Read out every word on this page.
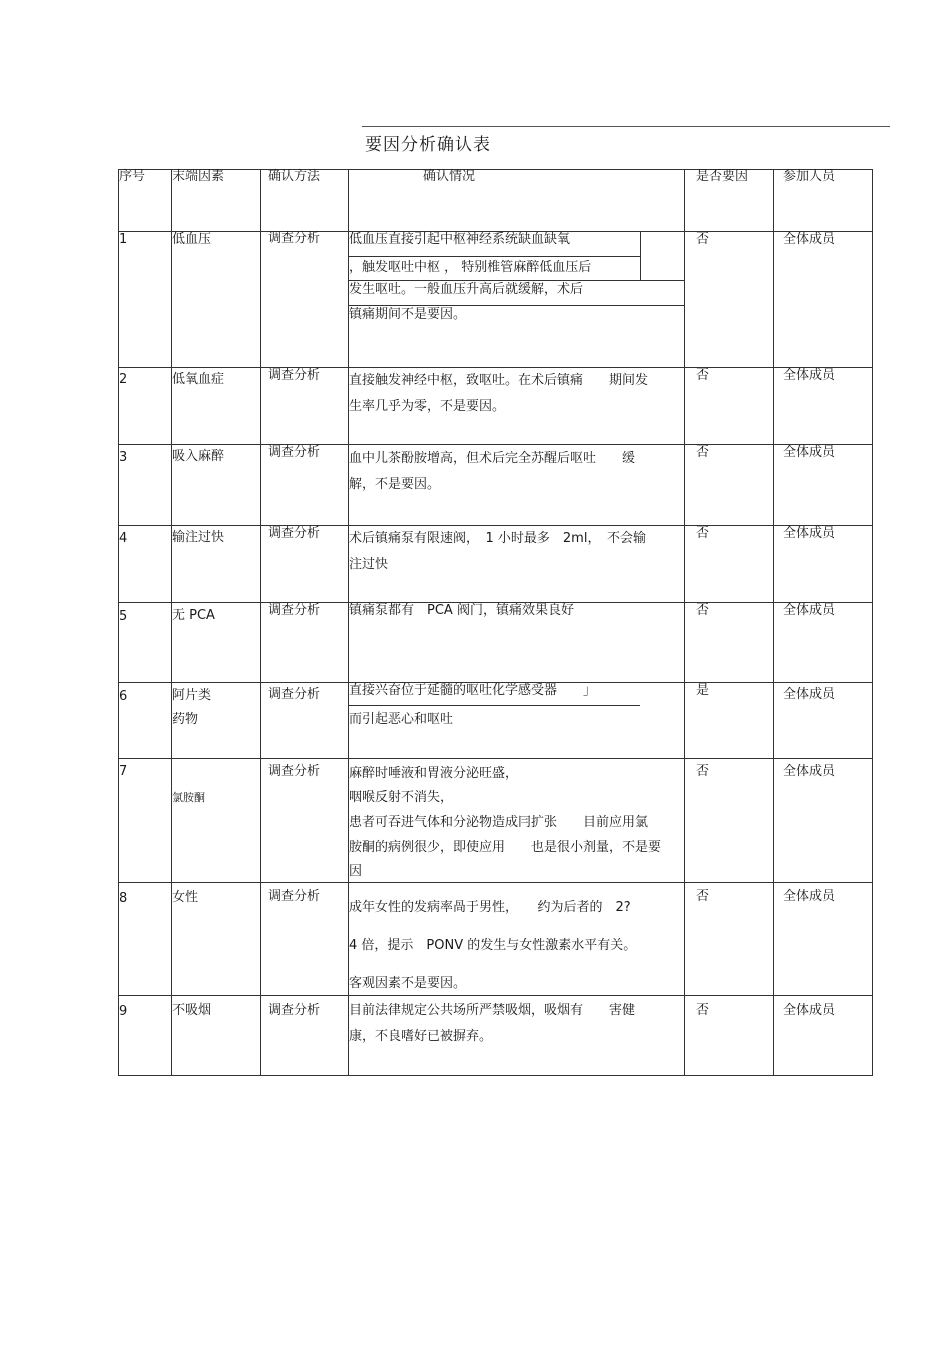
要因分析确认表
序号 末端因素	确认方法	确认情况	是否要因	参加人员
1	低血压	调查分析 低血压直接引起中枢神经系统缺血缺氧
，触发呕吐中枢 ， 特别椎管麻醉低血压后
发生呕吐。一般血压升高后就缓解，术后
镇痛期间不是要因。
否	全体成员
2	低氧血症	调查分析 直接触发神经中枢，致呕吐。在术后镇痛　　期间发
生率几乎为零，不是要因。
否	全体成员
3	吸入麻醉	调查分析 血中儿茶酚胺增高，但术后完全苏醒后呕吐　　缓
解，不是要因。
否	全体成员
4	输注过快	调查分析 术后镇痛泵有限速阀，　1 小时最多　2ml，　不会输
注过快
否	全体成员
5	无 PCA	调查分析 镇痛泵都有　PCA 阀门，镇痛效果良好	否	全体成员
6	阿片类
药物
调查分析 直接兴奋位于延髓的呕吐化学感受器　　」
而引起恶心和呕吐
是	全体成员
7
氯胺酮
调查分析 麻醉时唾液和胃液分泌旺盛，
咽喉反射不消失，
患者可吞进气体和分泌物造成冃扩张　　目前应用氯
胺酮的病例很少，即使应用　　也是很小剂量，不是要
因
否	全体成员
8	女性	调查分析
成年女性的发病率咼于男性，　　约为后者的　2?
4 倍，提示　PONV 的发生与女性激素水平有关。
客观因素不是要因。
否	全体成员
9	不吸烟	调查分析 目前法律规定公共场所严禁吸烟，吸烟有　　害健
康，不良嗜好已被摒弃。
否	全体成员
